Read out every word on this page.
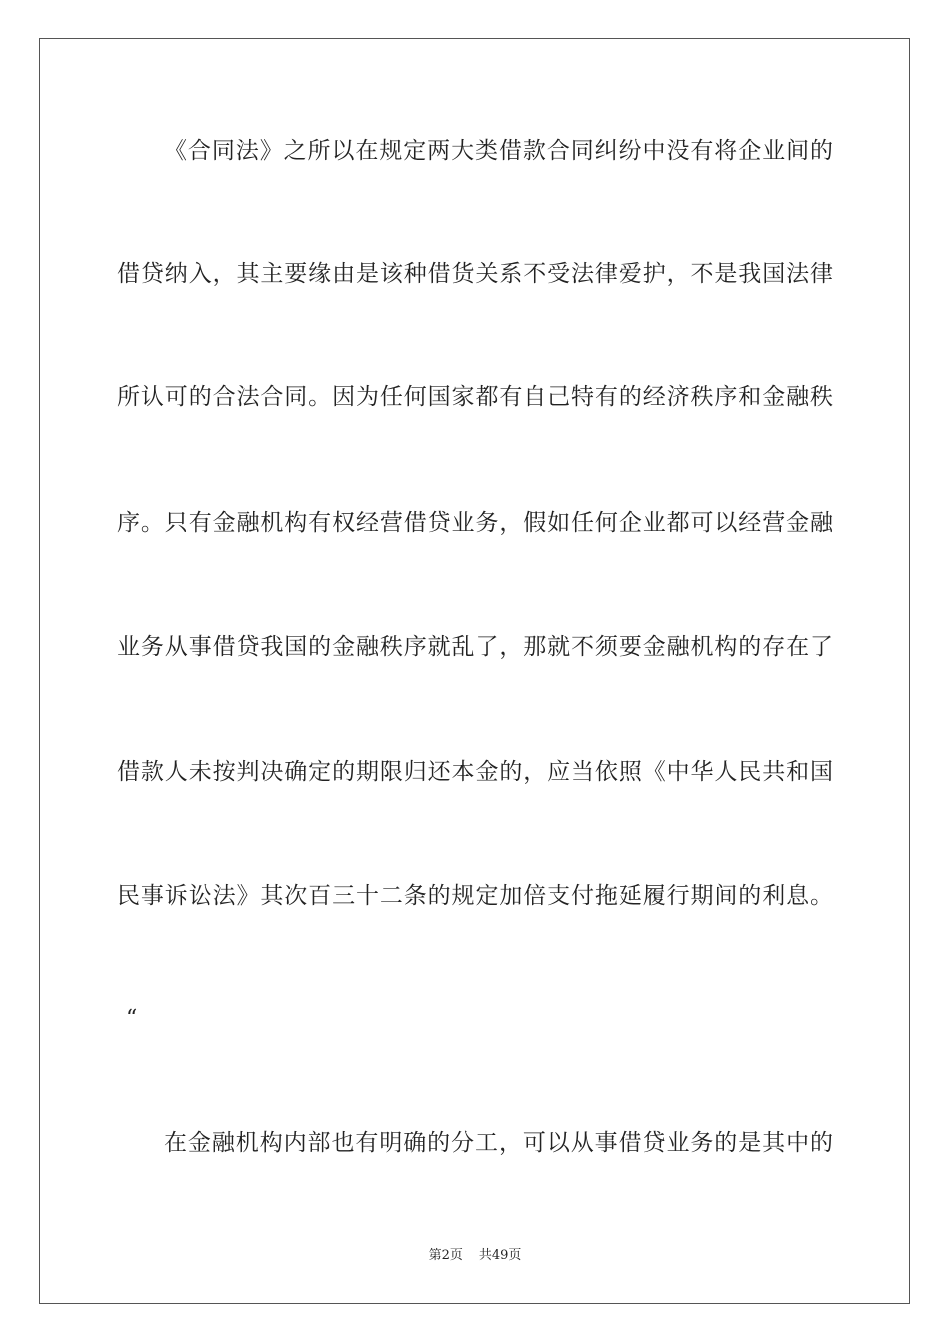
《合同法》之所以在规定两大类借款合同纠纷中没有将企业间的
借贷纳入，其主要缘由是该种借货关系不受法律爱护，不是我国法律
所认可的合法合同。因为任何国家都有自己特有的经济秩序和金融秩
序。只有金融机构有权经营借贷业务，假如任何企业都可以经营金融
业务从事借贷我国的金融秩序就乱了，那就不须要金融机构的存在了
借款人未按判决确定的期限归还本金的，应当依照《中华人民共和国
民事诉讼法》其次百三十二条的规定加倍支付拖延履行期间的利息。
“
在金融机构内部也有明确的分工，可以从事借贷业务的是其中的
第2页 共49页
